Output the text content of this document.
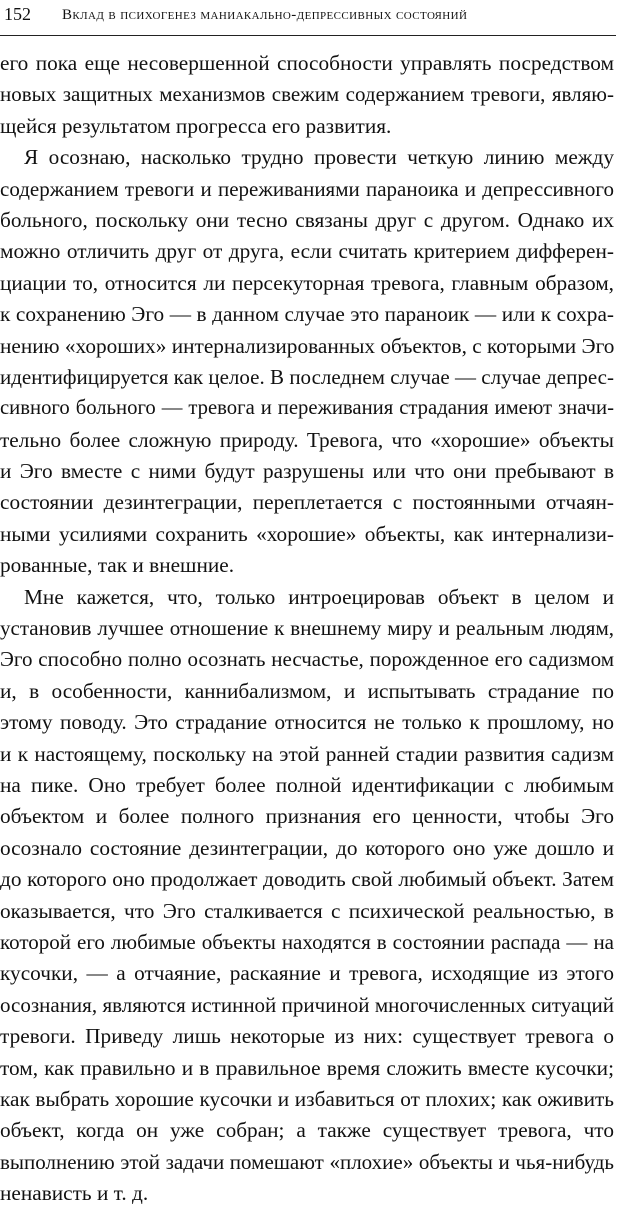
152 Вклад в психогенез маниакально-депрессивных состояний
его пока еще несовершенной способности управлять посредством
новых защитных механизмов свежим содержанием тревоги, являю-
щейся результатом прогресса его развития.
Я осознаю, насколько трудно провести четкую линию между
содержанием тревоги и переживаниями параноика и депрессивного
больного, поскольку они тесно связаны друг с другом. Однако их
можно отличить друг от друга, если считать критерием дифферен-
циации то, относится ли персекуторная тревога, главным образом,
к сохранению Эго — в данном случае это параноик — или к сохра-
нению «хороших» интернализированных объектов, с которыми Эго
идентифицируется как целое. В последнем случае — случае депрес-
сивного больного — тревога и переживания страдания имеют значи-
тельно более сложную природу. Тревога, что «хорошие» объекты
и Эго вместе с ними будут разрушены или что они пребывают в
состоянии дезинтеграции, переплетается с постоянными отчаян-
ными усилиями сохранить «хорошие» объекты, как интернализи-
рованные, так и внешние.
Мне кажется, что, только интроецировав объект в целом и
установив лучшее отношение к внешнему миру и реальным людям,
Эго способно полно осознать несчастье, порожденное его садизмом
и, в особенности, каннибализмом, и испытывать страдание по
этому поводу. Это страдание относится не только к прошлому, но
и к настоящему, поскольку на этой ранней стадии развития садизм
на пике. Оно требует более полной идентификации с любимым
объектом и более полного признания его ценности, чтобы Эго
осознало состояние дезинтеграции, до которого оно уже дошло и
до которого оно продолжает доводить свой любимый объект. Затем
оказывается, что Эго сталкивается с психической реальностью, в
которой его любимые объекты находятся в состоянии распада — на
кусочки, — а отчаяние, раскаяние и тревога, исходящие из этого
осознания, являются истинной причиной многочисленных ситуаций
тревоги. Приведу лишь некоторые из них: существует тревога о
том, как правильно и в правильное время сложить вместе кусочки;
как выбрать хорошие кусочки и избавиться от плохих; как оживить
объект, когда он уже собран; а также существует тревога, что
выполнению этой задачи помешают «плохие» объекты и чья-нибудь
ненависть и т. д.
